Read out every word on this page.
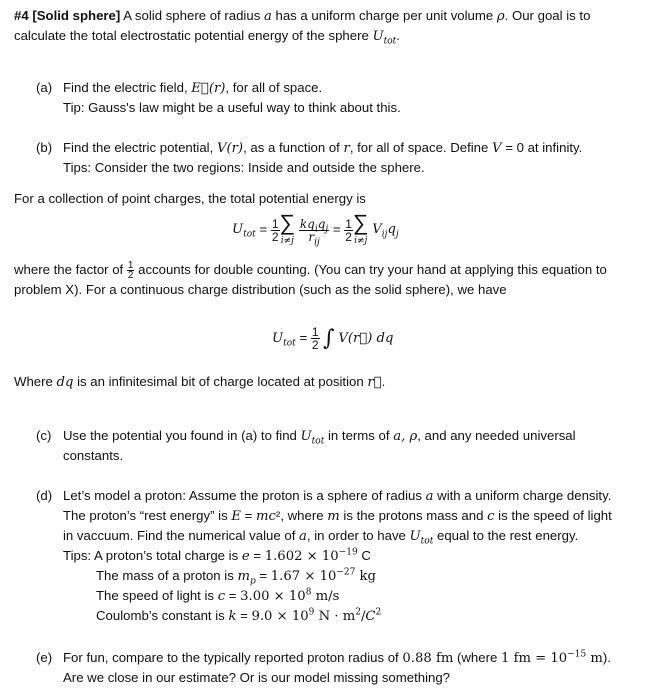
#4 [Solid sphere] A solid sphere of radius a has a uniform charge per unit volume ρ. Our goal is to
calculate the total electrostatic potential energy of the sphere $U_{tot}$.
(a) Find the electric field, E⃗(r), for all of space.

Tip: Gauss's law might be a useful way to think about this.
(b) Find the electric potential, V(r), as a function of r, for all of space. Define V = 0 at infinity.

Tips: Consider the two regions: Inside and outside the sphere.
For a collection of point charges, the total potential energy is
$U_{tot} = \frac{1}{2}$ ∑
i≠j
$\frac{kq_iq_j}{r_{ij}} = \frac{1}{2}$ ∑
i≠j
$V_{ij}q_j$
where the factor of $\frac{1}{2}$ accounts for double counting. (You can try your hand at applying this equation to
problem X). For a continuous charge distribution (such as the solid sphere), we have
$U_{tot} = \frac{1}{2}$ ∫ V(r⃗) dq
Where dq is an infinitesimal bit of charge located at position r⃗.
(c) Use the potential you found in (a) to find $U_{tot}$ in terms of a, ρ, and any needed universal

constants.
(d) Let’s model a proton: Assume the proton is a sphere of radius a with a uniform charge density.

The proton’s “rest energy” is E = mc², where m is the protons mass and c is the speed of light
in vaccuum. Find the numerical value of a, in order to have $U_{tot}$ equal to the rest energy.
Tips: A proton’s total charge is $e = 1.602 \times 10^{-19}$ C
The mass of a proton is $m_p = 1.67 \times 10^{-27}$ kg
The speed of light is $c = 3.00 \times 10^8$ m/s
Coulomb’s constant is $k = 9.0 \times 10^9$ $N \cdot m^2/C^2$
(e) For fun, compare to the typically reported proton radius of 0.88 fm (where 1 fm = $10^{-15}$ m).

Are we close in our estimate? Or is our model missing something?
